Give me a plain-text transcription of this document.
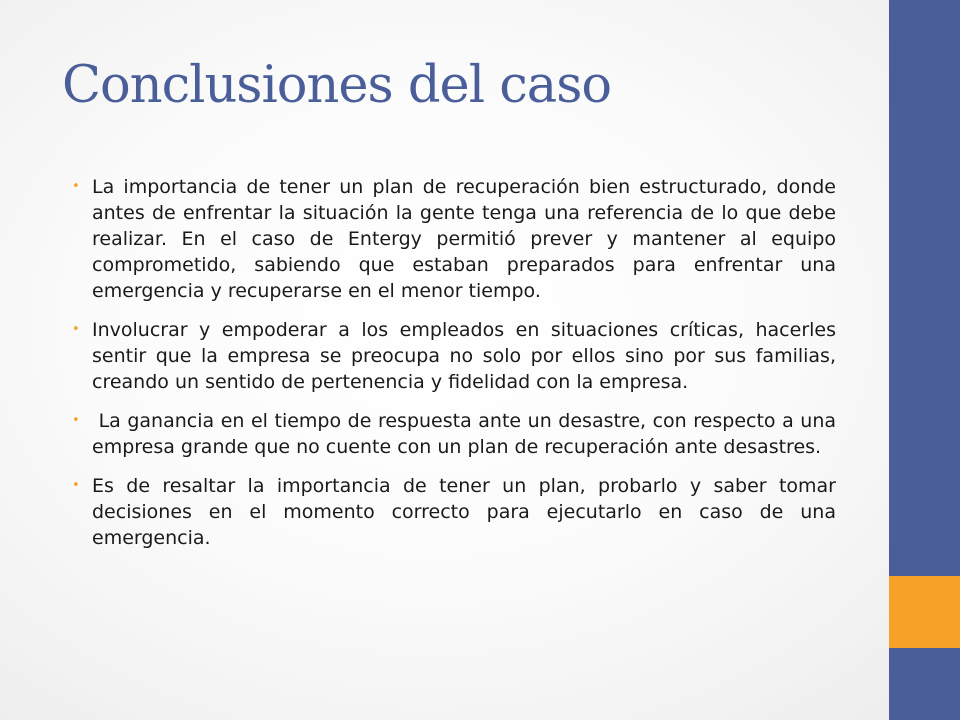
Conclusiones del caso
• La importancia de tener un plan de recuperación bien estructurado, donde antes de enfrentar la situación la gente tenga una referencia de lo que debe realizar. En el caso de Entergy permitió prever y mantener al equipo comprometido, sabiendo que estaban preparados para enfrentar una emergencia y recuperarse en el menor tiempo.
• Involucrar y empoderar a los empleados en situaciones críticas, hacerles sentir que la empresa se preocupa no solo por ellos sino por sus familias, creando un sentido de pertenencia y fidelidad con la empresa.
• La ganancia en el tiempo de respuesta ante un desastre, con respecto a una empresa grande que no cuente con un plan de recuperación ante desastres.
• Es de resaltar la importancia de tener un plan, probarlo y saber tomar decisiones en el momento correcto para ejecutarlo en caso de una emergencia.
